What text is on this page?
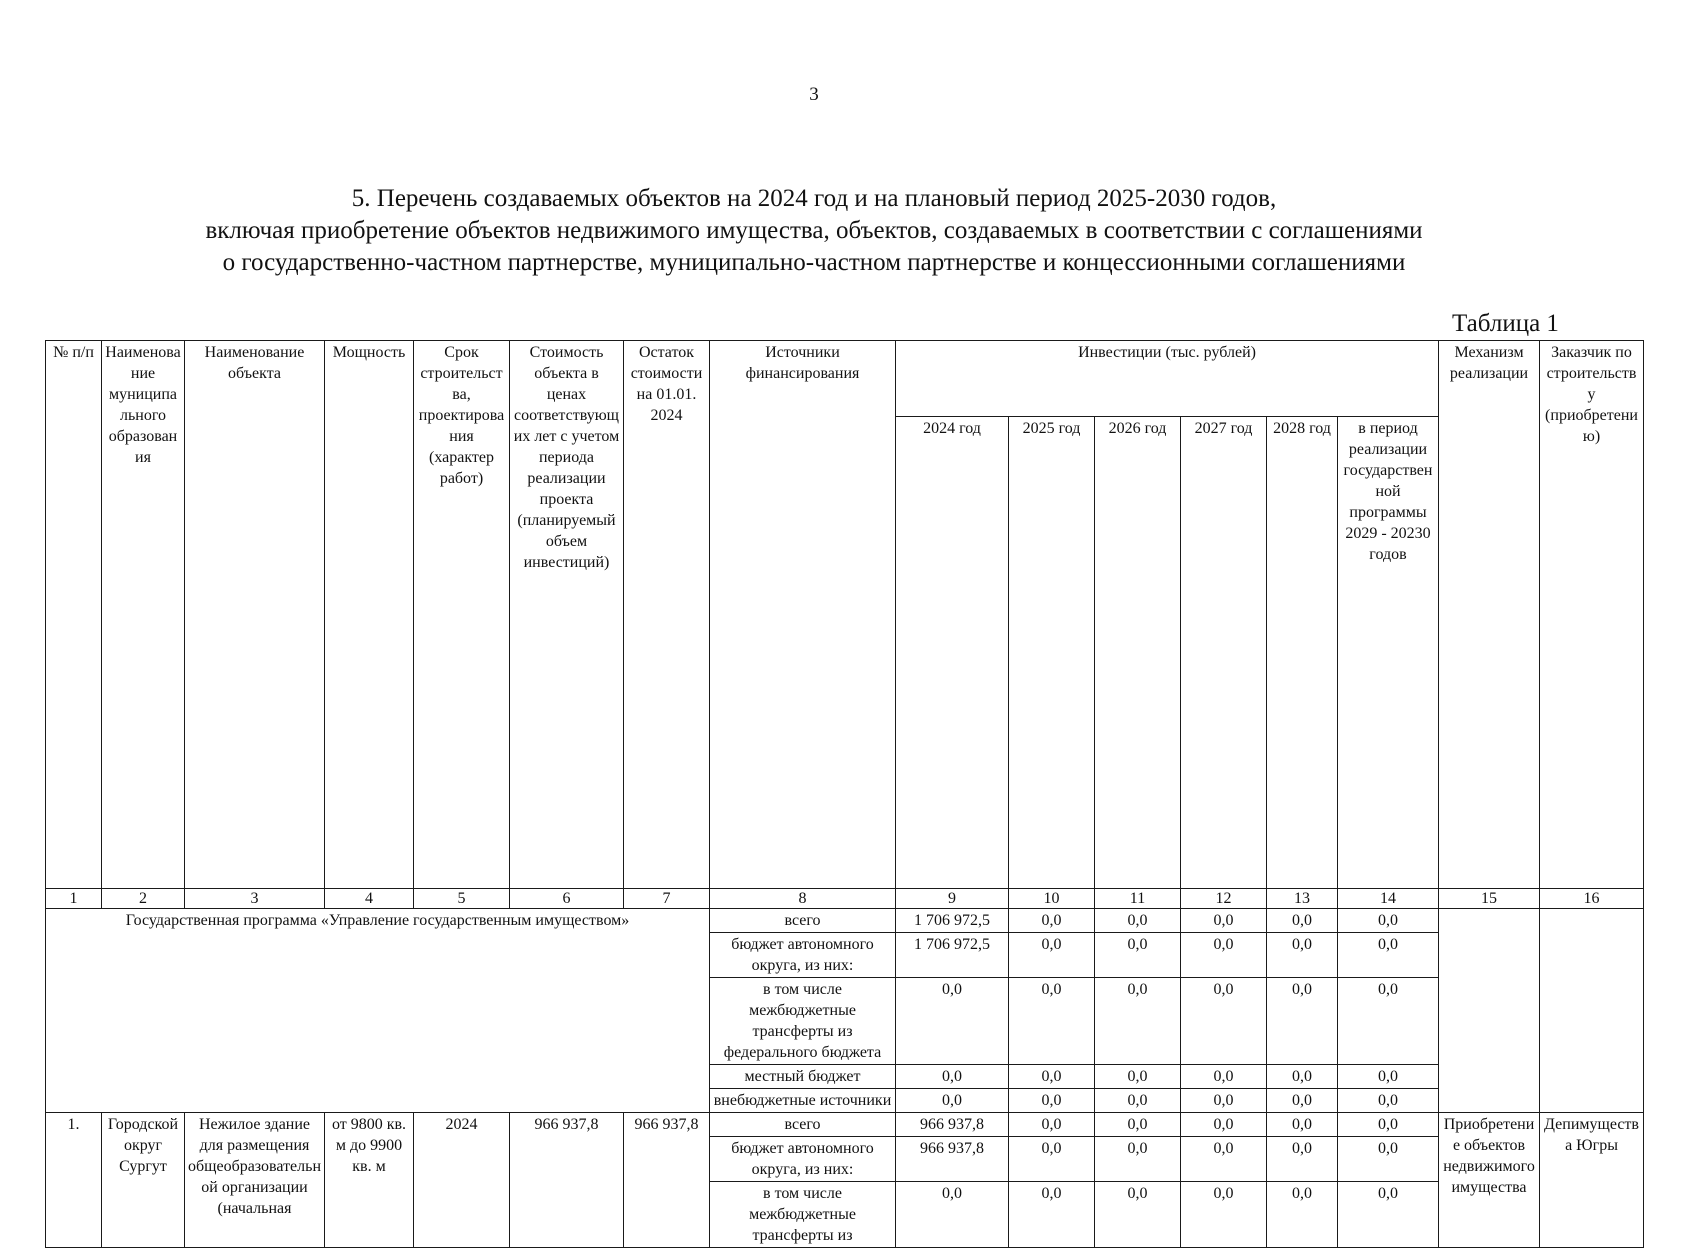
3
5. Перечень создаваемых объектов на 2024 год и на плановый период 2025-2030 годов,
включая приобретение объектов недвижимого имущества, объектов, создаваемых в соответствии с соглашениями
о государственно-частном партнерстве, муниципально-частном партнерстве и концессионными соглашениями
Таблица 1
№ п/п	Наименование муниципального образования	Наименование объекта	Мощность	Срок строительства, проектирования (характер работ)	Стоимость объекта в ценах соответствующих лет с учетом периода реализации проекта (планируемый объем инвестиций)	Остаток стоимости на 01.01. 2024	Источники финансирования	Инвестиции (тыс. рублей)						Механизм реализации	Заказчик по строительству (приобретению)
								2024 год	2025 год	2026 год	2027 год	2028 год	в период реализации государственной программы 2029 - 20230 годов		
1	2	3	4	5	6	7	8	9	10	11	12	13	14	15	16
Государственная программа «Управление государственным имуществом»							всего	1 706 972,5	0,0	0,0	0,0	0,0	0,0		
							бюджет автономного округа, из них:	1 706 972,5	0,0	0,0	0,0	0,0	0,0		
							в том числе межбюджетные трансферты из федерального бюджета	0,0	0,0	0,0	0,0	0,0	0,0		
							местный бюджет	0,0	0,0	0,0	0,0	0,0	0,0		
							внебюджетные источники	0,0	0,0	0,0	0,0	0,0	0,0		
1.	Городской округ Сургут	Нежилое здание для размещения общеобразовательной организации (начальная	от 9800 кв. м до 9900 кв. м	2024	966 937,8	966 937,8	всего	966 937,8	0,0	0,0	0,0	0,0	0,0	Приобретение объектов недвижимого имущества	Депимущества Югры
							бюджет автономного округа, из них:	966 937,8	0,0	0,0	0,0	0,0	0,0		
							в том числе межбюджетные трансферты из	0,0	0,0	0,0	0,0	0,0	0,0		
